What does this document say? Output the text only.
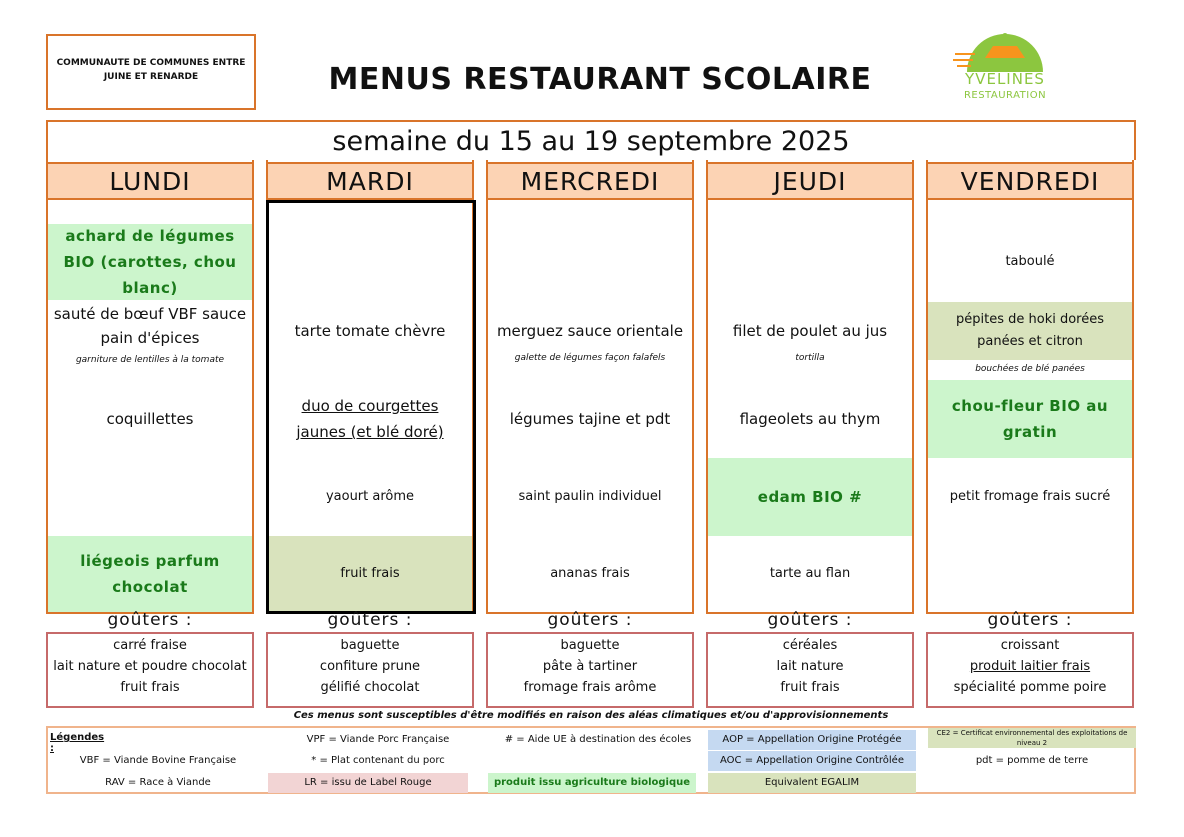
COMMUNAUTE DE COMMUNES ENTRE JUINE ET RENARDE	MENUS RESTAURANT SCOLAIRE	YVELINES
RESTAURATION
semaine du 15 au 19 septembre 2025
LUNDI
achard de légumes BIO (carottes, chou blanc)
sauté de bœuf VBF sauce pain d'épices
garniture de lentilles à la tomate
coquillettes
liégeois parfum chocolat
MARDI
tarte tomate chèvre
duo de courgettes jaunes (et blé doré)
yaourt arôme
fruit frais
MERCREDI
merguez sauce orientale
galette de légumes façon falafels
légumes tajine et pdt
saint paulin individuel
ananas frais
JEUDI
filet de poulet au jus
tortilla
flageolets au thym
edam BIO #
tarte au flan
VENDREDI
taboulé
pépites de hoki dorées panées et citron
bouchées de blé panées
chou-fleur BIO au gratin
petit fromage frais sucré
goûters :	goûters :	goûters :	goûters :	goûters :
carré fraise
lait nature et poudre chocolat
fruit frais
baguette
confiture prune
gélifié chocolat
baguette
pâte à tartiner
fromage frais arôme
céréales
lait nature
fruit frais
croissant
produit laitier frais
spécialité pomme poire
Ces menus sont susceptibles d'être modifiés en raison des aléas climatiques et/ou d'approvisionnements
Légendes :
VBF = Viande Bovine Française
RAV = Race à Viande
VPF = Viande Porc Française
* = Plat contenant du porc
LR = issu de Label Rouge
# = Aide UE à destination des écoles
produit issu agriculture biologique
AOP = Appellation Origine Protégée
AOC = Appellation Origine Contrôlée
Equivalent EGALIM
CE2 = Certificat environnemental des exploitations de niveau 2
pdt = pomme de terre
